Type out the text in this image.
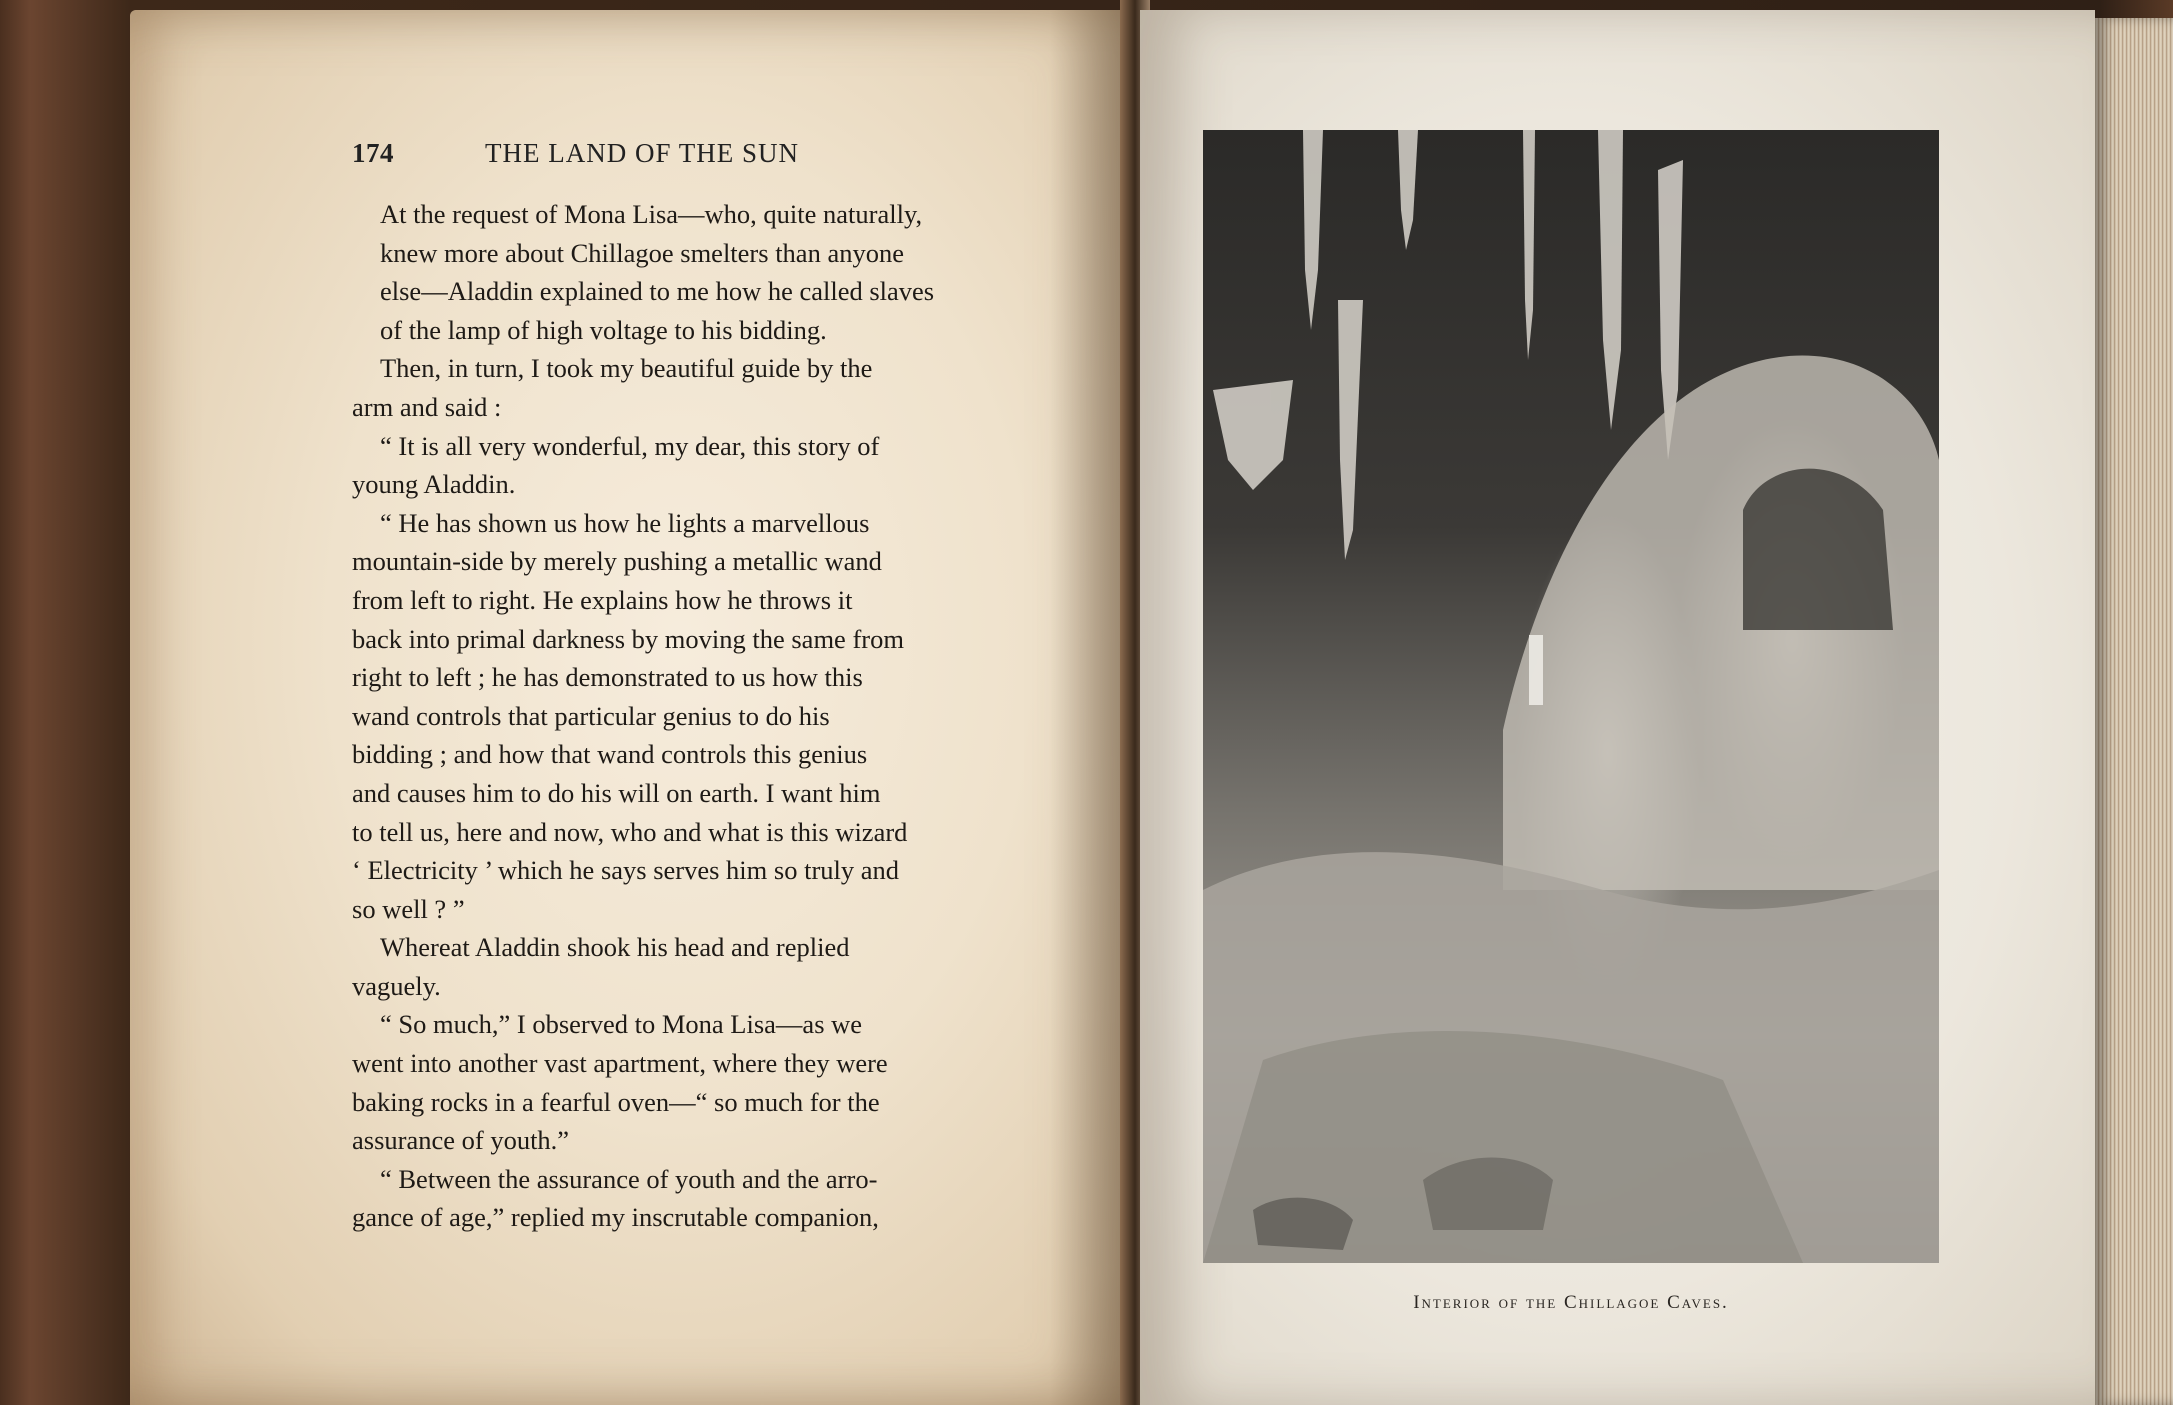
174	THE LAND OF THE SUN
At the request of Mona Lisa—who, quite naturally,
knew more about Chillagoe smelters than anyone
else—Aladdin explained to me how he called slaves
of the lamp of high voltage to his bidding.
Then, in turn, I took my beautiful guide by the
arm and said :
“ It is all very wonderful, my dear, this story of
young Aladdin.
“ He has shown us how he lights a marvellous
mountain-side by merely pushing a metallic wand
from left to right. He explains how he throws it
back into primal darkness by moving the same from
right to left ; he has demonstrated to us how this
wand controls that particular genius to do his
bidding ; and how that wand controls this genius
and causes him to do his will on earth. I want him
to tell us, here and now, who and what is this wizard
‘ Electricity ’ which he says serves him so truly and
so well ? ”
Whereat Aladdin shook his head and replied
vaguely.
“ So much,” I observed to Mona Lisa—as we
went into another vast apartment, where they were
baking rocks in a fearful oven—“ so much for the
assurance of youth.”
“ Between the assurance of youth and the arro-
gance of age,” replied my inscrutable companion,
Interior of the Chillagoe Caves.
